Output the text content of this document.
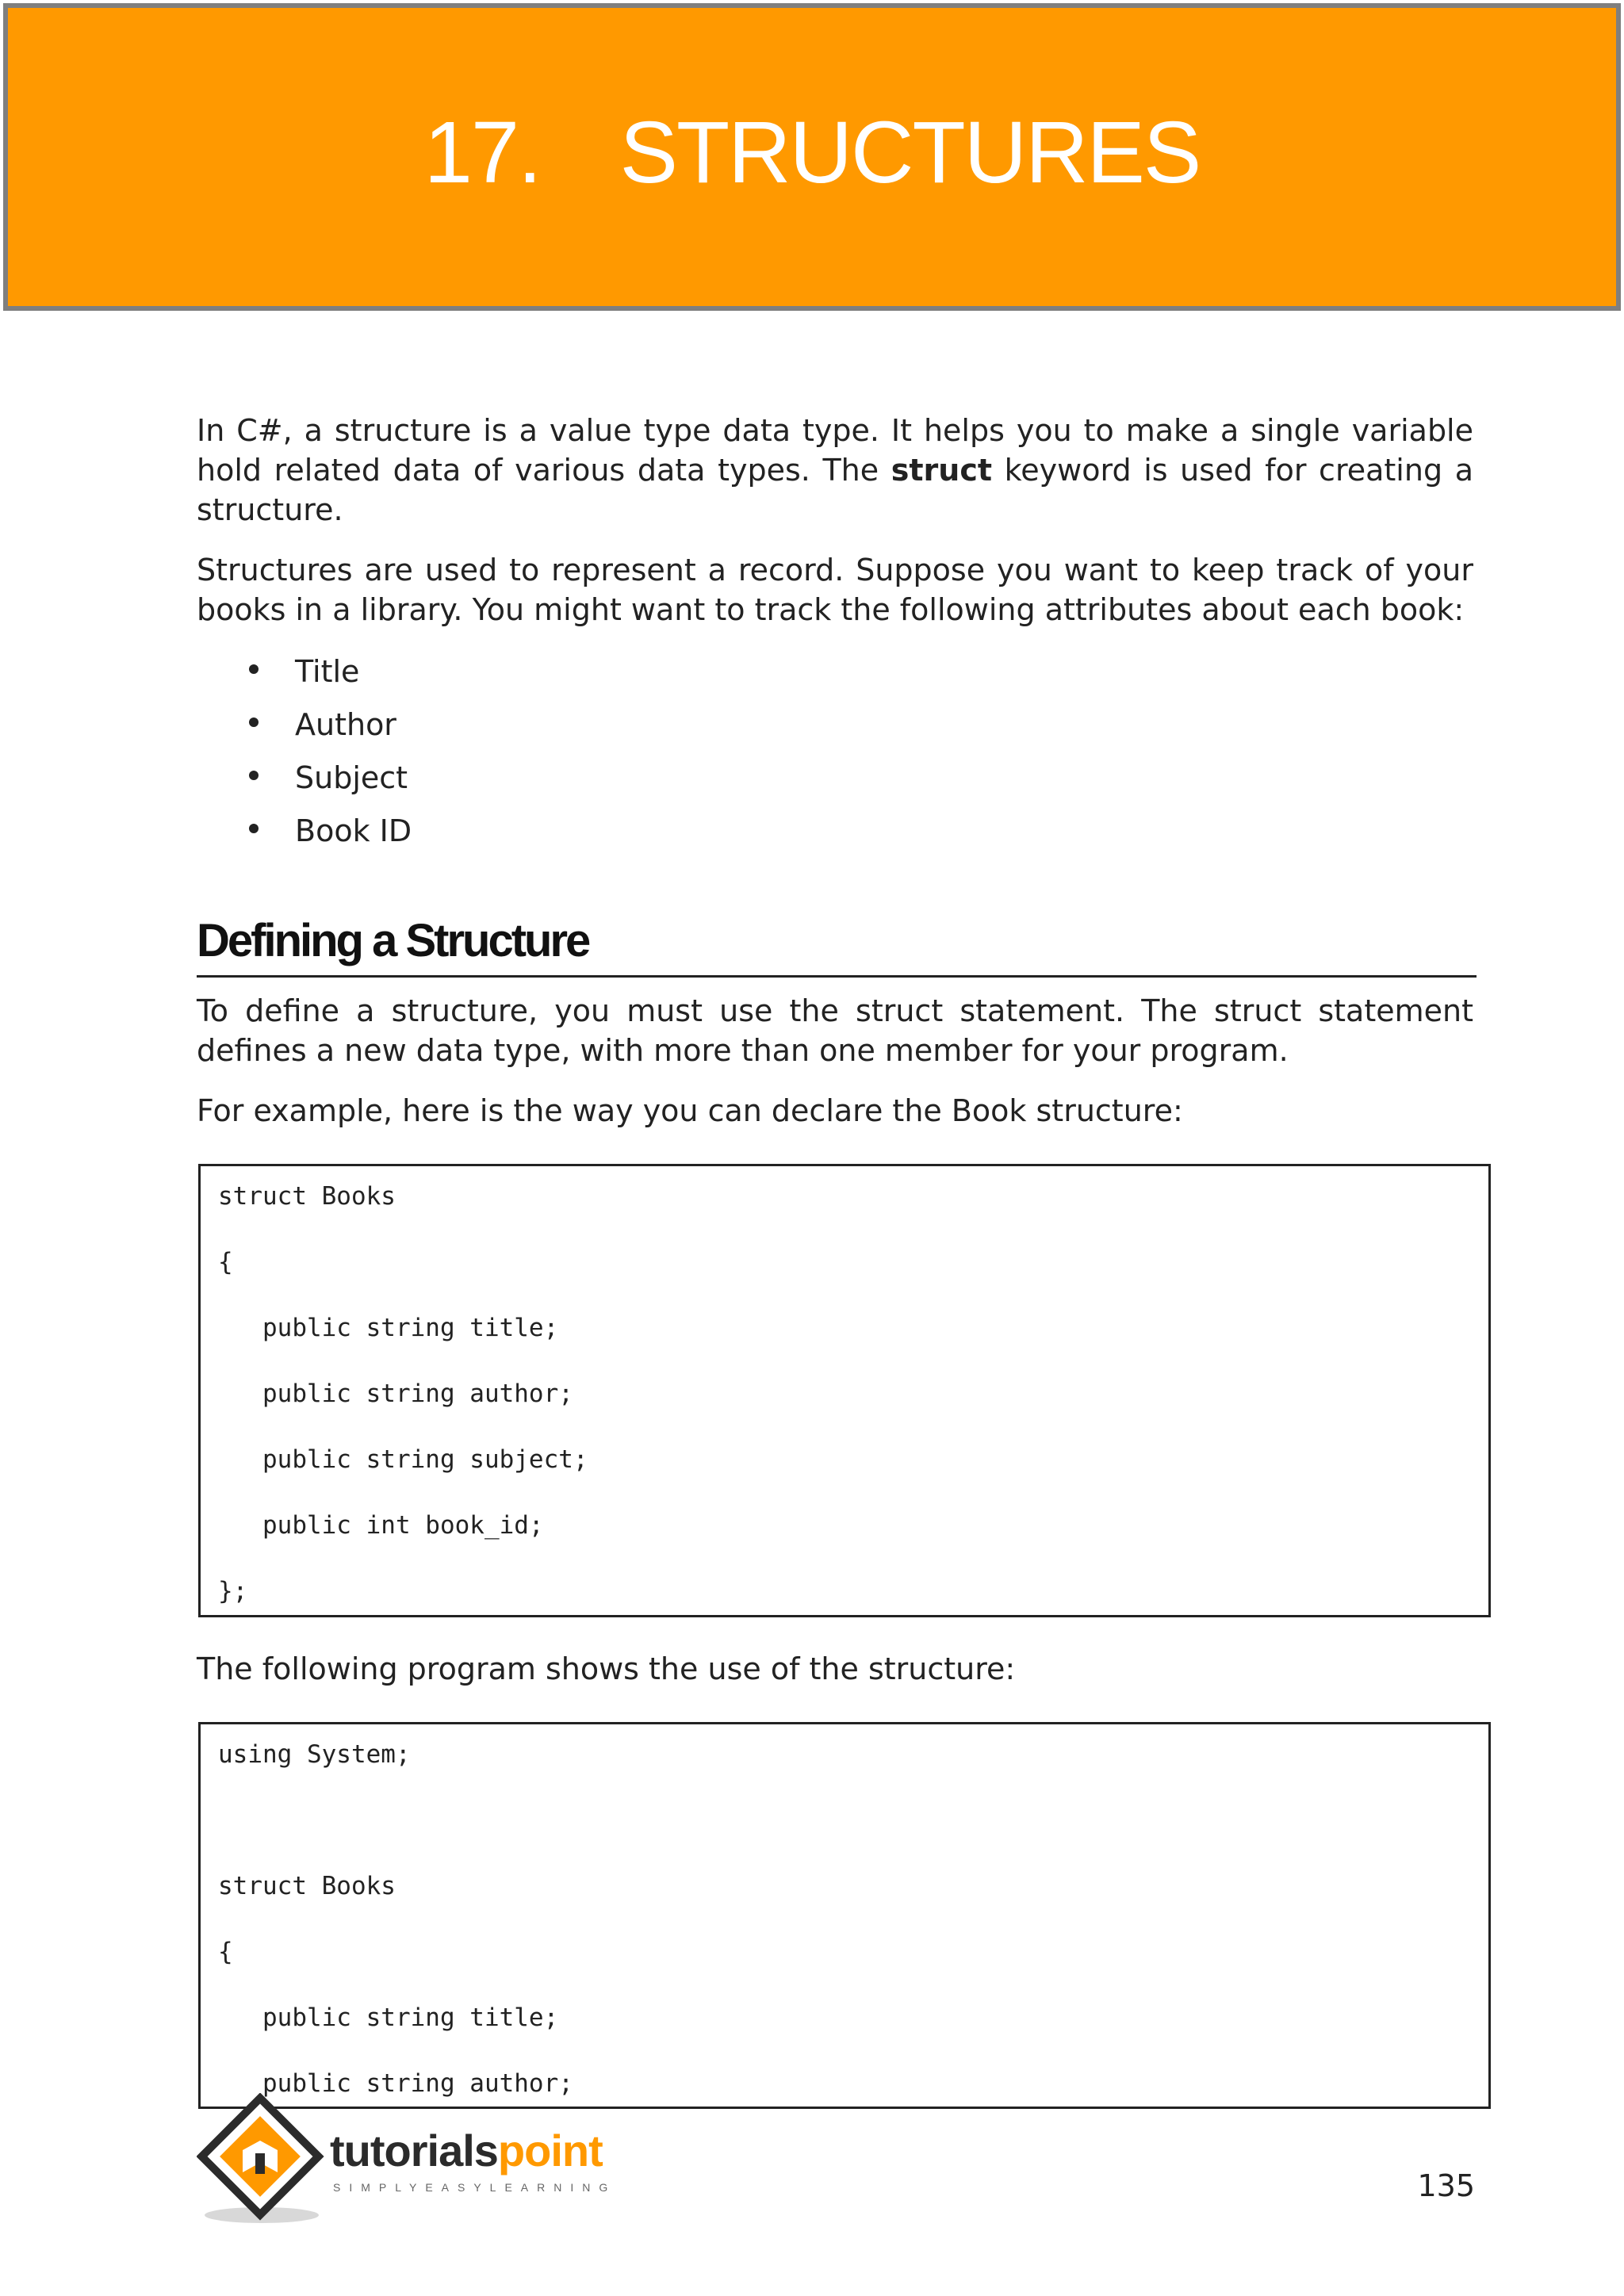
17. STRUCTURES

In C#, a structure is a value type data type. It helps you to make a single variable hold related data of various data types. The struct keyword is used for creating a structure.

Structures are used to represent a record. Suppose you want to keep track of your books in a library. You might want to track the following attributes about each book:

Title
Author
Subject
Book ID
Defining a Structure

To define a structure, you must use the struct statement. The struct statement defines a new data type, with more than one member for your program.

For example, here is the way you can declare the Book structure:

struct Books
{
public string title;
public string author;
public string subject;
public int book_id;
};

The following program shows the use of the structure:

using System;
struct Books
{
public string title;
public string author;
tutorialspoint
SIMPLYEASYLEARNING	135
